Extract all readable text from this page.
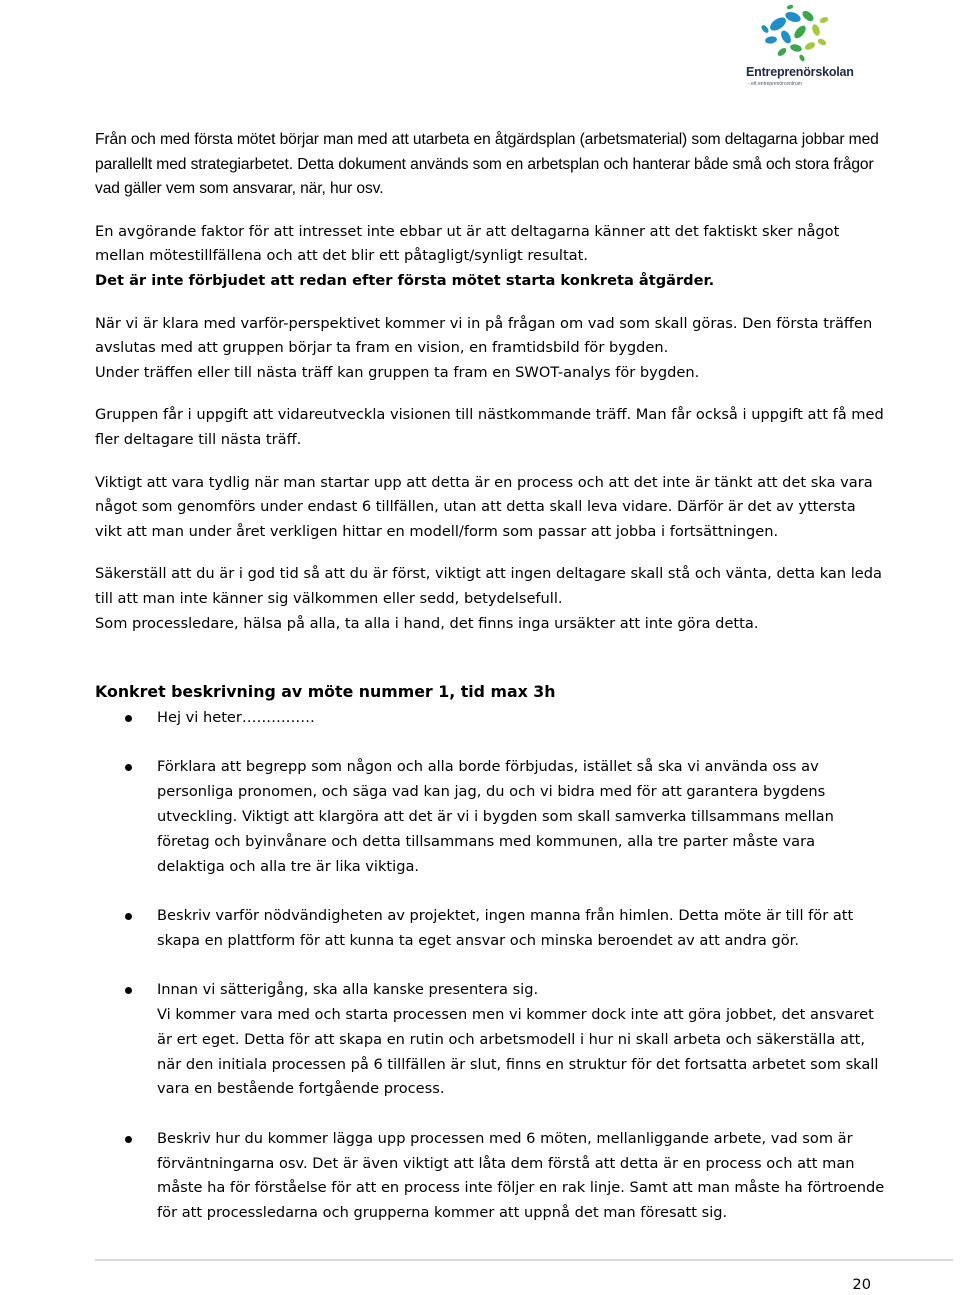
Entreprenörskolan
- ett entreprenörcentrum

Från och med första mötet börjar man med att utarbeta en åtgärdsplan (arbetsmaterial) som deltagarna jobbar med parallellt med strategiarbetet. Detta dokument används som en arbetsplan och hanterar både små och stora frågor vad gäller vem som ansvarar, när, hur osv.

En avgörande faktor för att intresset inte ebbar ut är att deltagarna känner att det faktiskt sker något mellan mötestillfällena och att det blir ett påtagligt/synligt resultat.

Det är inte förbjudet att redan efter första mötet starta konkreta åtgärder.

När vi är klara med varför-perspektivet kommer vi in på frågan om vad som skall göras. Den första träffen avslutas med att gruppen börjar ta fram en vision, en framtidsbild för bygden.

Under träffen eller till nästa träff kan gruppen ta fram en SWOT-analys för bygden.

Gruppen får i uppgift att vidareutveckla visionen till nästkommande träff. Man får också i uppgift att få med fler deltagare till nästa träff.

Viktigt att vara tydlig när man startar upp att detta är en process och att det inte är tänkt att det ska vara något som genomförs under endast 6 tillfällen, utan att detta skall leva vidare. Därför är det av yttersta vikt att man under året verkligen hittar en modell/form som passar att jobba i fortsättningen.

Säkerställ att du är i god tid så att du är först, viktigt att ingen deltagare skall stå och vänta, detta kan leda till att man inte känner sig välkommen eller sedd, betydelsefull.

Som processledare, hälsa på alla, ta alla i hand, det finns inga ursäkter att inte göra detta.

Konkret beskrivning av möte nummer 1, tid max 3h
Hej vi heter……………
Förklara att begrepp som någon och alla borde förbjudas, istället så ska vi använda oss av personliga pronomen, och säga vad kan jag, du och vi bidra med för att garantera bygdens utveckling. Viktigt att klargöra att det är vi i bygden som skall samverka tillsammans mellan företag och byinvånare och detta tillsammans med kommunen, alla tre parter måste vara delaktiga och alla tre är lika viktiga.
Beskriv varför nödvändigheten av projektet, ingen manna från himlen. Detta möte är till för att skapa en plattform för att kunna ta eget ansvar och minska beroendet av att andra gör.
Innan vi sätterigång, ska alla kanske presentera sig.
Vi kommer vara med och starta processen men vi kommer dock inte att göra jobbet, det ansvaret är ert eget. Detta för att skapa en rutin och arbetsmodell i hur ni skall arbeta och säkerställa att, när den initiala processen på 6 tillfällen är slut, finns en struktur för det fortsatta arbetet som skall vara en bestående fortgående process.
Beskriv hur du kommer lägga upp processen med 6 möten, mellanliggande arbete, vad som är förväntningarna osv. Det är även viktigt att låta dem förstå att detta är en process och att man måste ha för förståelse för att en process inte följer en rak linje. Samt att man måste ha förtroende för att processledarna och grupperna kommer att uppnå det man föresatt sig.
20
